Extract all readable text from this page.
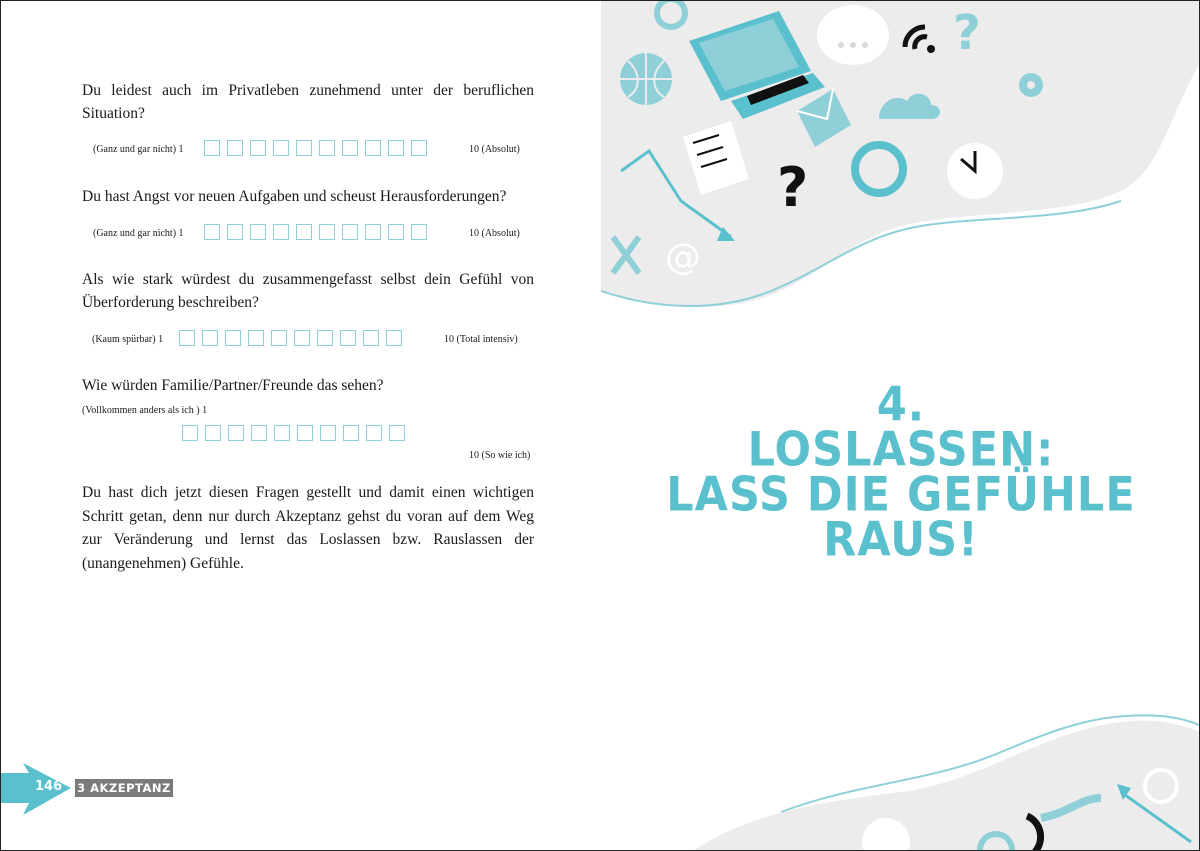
Du leidest auch im Privatleben zunehmend unter der beruflichen Situation?

(Ganz und gar nicht) 1	10 (Absolut)

Du hast Angst vor neuen Aufgaben und scheust Herausforderungen?

(Ganz und gar nicht) 1	10 (Absolut)

Als wie stark würdest du zusammengefasst selbst dein Gefühl von Überforderung beschreiben?

(Kaum spürbar) 1	10 (Total intensiv)

Wie würden Familie/Partner/Freunde das sehen?

(Vollkommen anders als ich ) 1
10 (So wie ich)

Du hast dich jetzt diesen Fragen gestellt und damit einen wichtigen Schritt getan, denn nur durch Akzeptanz gehst du voran auf dem Weg zur Veränderung und lernst das Loslassen bzw. Rauslassen der (unangenehmen) Gefühle.

146 3 AKZEPTANZ
?
?
@
4.
LOSLASSEN:
LASS DIE GEFÜHLE
RAUS!
